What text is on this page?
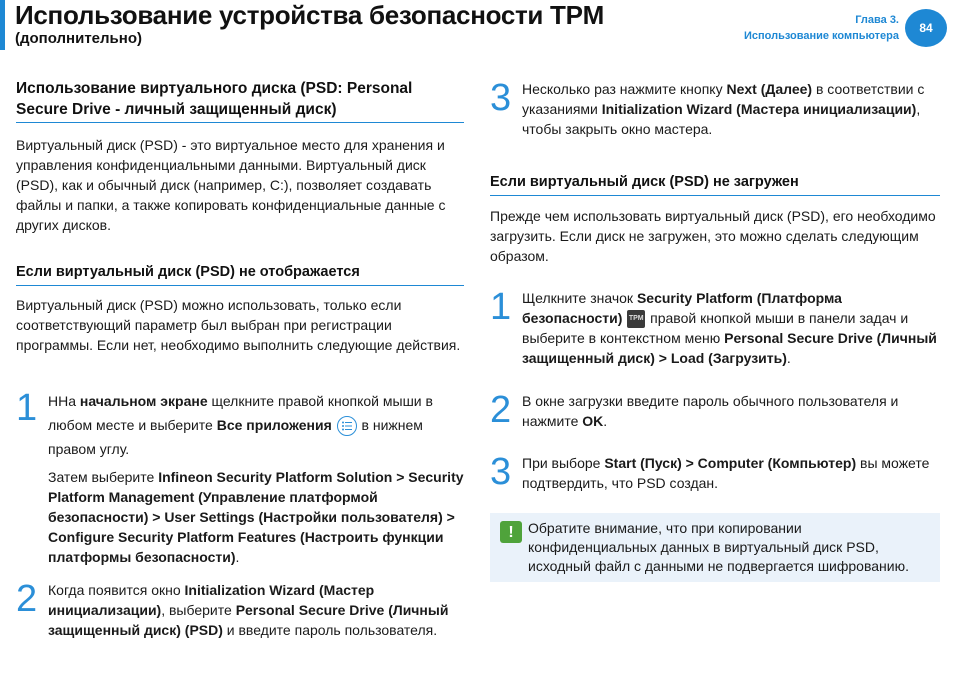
Использование устройства безопасности TPM
(дополнительно)
Глава 3.
Использование компьютера
84
Использование виртуального диска (PSD: Personal Secure Drive - личный защищенный диск)

Виртуальный диск (PSD) - это виртуальное место для хранения и управления конфиденциальными данными. Виртуальный диск (PSD), как и обычный диск (например, C:), позволяет создавать файлы и папки, а также копировать конфиденциальные данные с других дисков.

Если виртуальный диск (PSD) не отображается

Виртуальный диск (PSD) можно использовать, только если соответствующий параметр был выбран при регистрации программы. Если нет, необходимо выполнить следующие действия.

1 ННа начальном экране щелкните правой кнопкой мыши в любом месте и выберите Все приложения
в нижнем правом углу.

Затем выберите Infineon Security Platform Solution > Security Platform Management (Управление платформой безопасности) > User Settings (Настройки пользователя) > Configure Security Platform Features (Настроить функции платформы безопасности).

2 Когда появится окно Initialization Wizard (Мастер инициализации), выберите Personal Secure Drive (Личный защищенный диск) (PSD) и введите пароль пользователя.

3 Несколько раз нажмите кнопку Next (Далее) в соответствии с указаниями Initialization Wizard (Мастера инициализации), чтобы закрыть окно мастера.

Если виртуальный диск (PSD) не загружен

Прежде чем использовать виртуальный диск (PSD), его необходимо загрузить. Если диск не загружен, это можно сделать следующим образом.

1 Щелкните значок Security Platform (Платформа безопасности) TPM правой кнопкой мыши в панели задач и выберите в контекстном меню Personal Secure Drive (Личный защищенный диск) > Load (Загрузить).

2 В окне загрузки введите пароль обычного пользователя и нажмите OK.

3 При выборе Start (Пуск) > Computer (Компьютер) вы можете подтвердить, что PSD создан.

!	Обратите внимание, что при копировании конфиденциальных данных в виртуальный диск PSD, исходный файл с данными не подвергается шифрованию.
